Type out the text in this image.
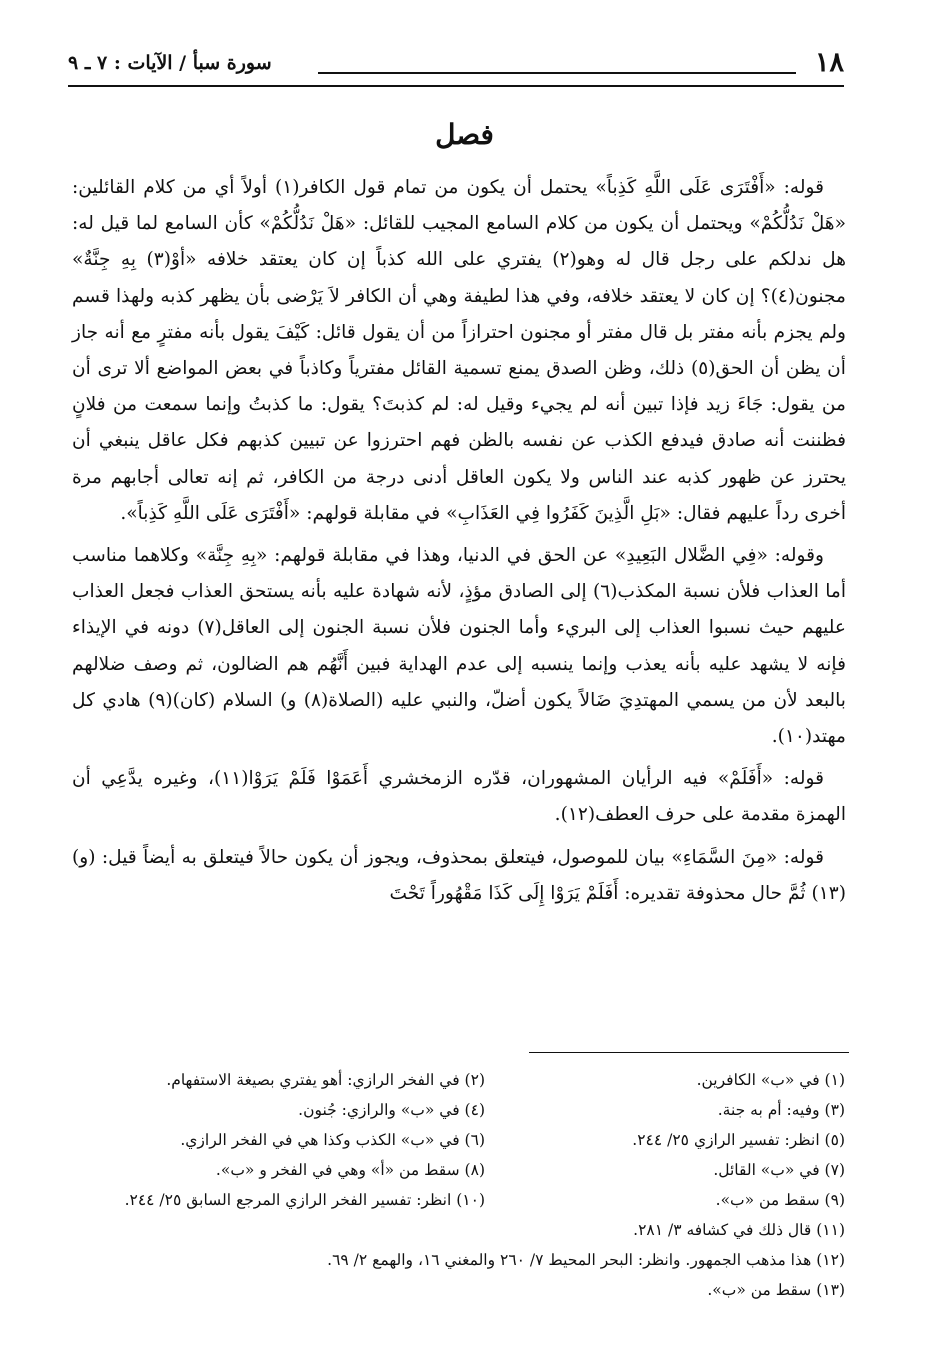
١٨
سورة سبأ / الآيات : ٧ ـ ٩
فصل

قوله: «أَفْتَرَى عَلَى اللَّهِ كَذِباً» يحتمل أن يكون من تمام قول الكافر(١) أولاً أي من كلام القائلين: «هَلْ نَدُلُّكُمْ» ويحتمل أن يكون من كلام السامع المجيب للقائل: «هَلْ نَدُلُّكُمْ» كأن السامع لما قيل له: هل ندلكم على رجل قال له وهو(٢) يفتري على الله كذباً إن كان يعتقد خلافه «أوْ(٣) بِهِ جِنَّةٌ» مجنون(٤)؟ إن كان لا يعتقد خلافه، وفي هذا لطيفة وهي أن الكافر لاَ يَرْضى بأن يظهر كذبه ولهذا قسم ولم يجزم بأنه مفتر بل قال مفتر أو مجنون احترازاً من أن يقول قائل: كَيْفَ يقول بأنه مفترٍ مع أنه جاز أن يظن أن الحق(٥) ذلك، وظن الصدق يمنع تسمية القائل مفترياً وكاذباً في بعض المواضع ألا ترى أن من يقول: جَاءَ زيد فإذا تبين أنه لم يجيء وقيل له: لم كذبتَ؟ يقول: ما كذبتُ وإنما سمعت من فلانٍ فظننت أنه صادق فيدفع الكذب عن نفسه بالظن فهم احترزوا عن تبيين كذبهم فكل عاقل ينبغي أن يحترز عن ظهور كذبه عند الناس ولا يكون العاقل أدنى درجة من الكافر، ثم إنه تعالى أجابهم مرة أخرى رداً عليهم فقال: «بَلِ الَّذِينَ كَفَرُوا فِي العَذَابِ» في مقابلة قولهم: «أَفْتَرَى عَلَى اللَّهِ كَذِباً».

وقوله: «فِي الضَّلال البَعِيدِ» عن الحق في الدنيا، وهذا في مقابلة قولهم: «بِهِ جِنَّة» وكلاهما مناسب أما العذاب فلأن نسبة المكذب(٦) إلى الصادق مؤذٍ، لأنه شهادة عليه بأنه يستحق العذاب فجعل العذاب عليهم حيث نسبوا العذاب إلى البريء وأما الجنون فلأن نسبة الجنون إلى العاقل(٧) دونه في الإيذاء فإنه لا يشهد عليه بأنه يعذب وإنما ينسبه إلى عدم الهداية فبين أَنَّهُم هم الضالون، ثم وصف ضلالهم بالبعد لأن من يسمي المهتدِيَ ضَالاً يكون أضلّ، والنبي عليه (الصلاة(٨) و) السلام (كان)(٩) هادي كل مهتد(١٠).

قوله: «أَفَلَمْ» فيه الرأيان المشهوران، قدّره الزمخشري أَعَمَوْا فَلَمْ يَرَوْا(١١)، وغيره يدَّعِي أن الهمزة مقدمة على حرف العطف(١٢).

قوله: «مِنَ السَّمَاءِ» بيان للموصول، فيتعلق بمحذوف، ويجوز أن يكون حالاً فيتعلق به أيضاً قيل: (و)(١٣) ثُمَّ حال محذوفة تقديره: أَفَلَمْ يَرَوْا إِلَى كَذَا مَقْهُوراً تَحْتَ

(١) في «ب» الكافرين.
(٢) في الفخر الرازي: أهو يفتري بصيغة الاستفهام.
(٣) وفيه: أم به جنة.
(٤) في «ب» والرازي: جُنون.
(٥) انظر: تفسير الرازي ٢٥/ ٢٤٤.
(٦) في «ب» الكذب وكذا هي في الفخر الرازي.
(٧) في «ب» القائل.
(٨) سقط من «أ» وهي في الفخر و «ب».
(٩) سقط من «ب».
(١٠) انظر: تفسير الفخر الرازي المرجع السابق ٢٥/ ٢٤٤.
(١١) قال ذلك في كشافه ٣/ ٢٨١.
(١٢) هذا مذهب الجمهور. وانظر: البحر المحيط ٧/ ٢٦٠ والمغني ١٦، والهمع ٢/ ٦٩.
(١٣) سقط من «ب».
